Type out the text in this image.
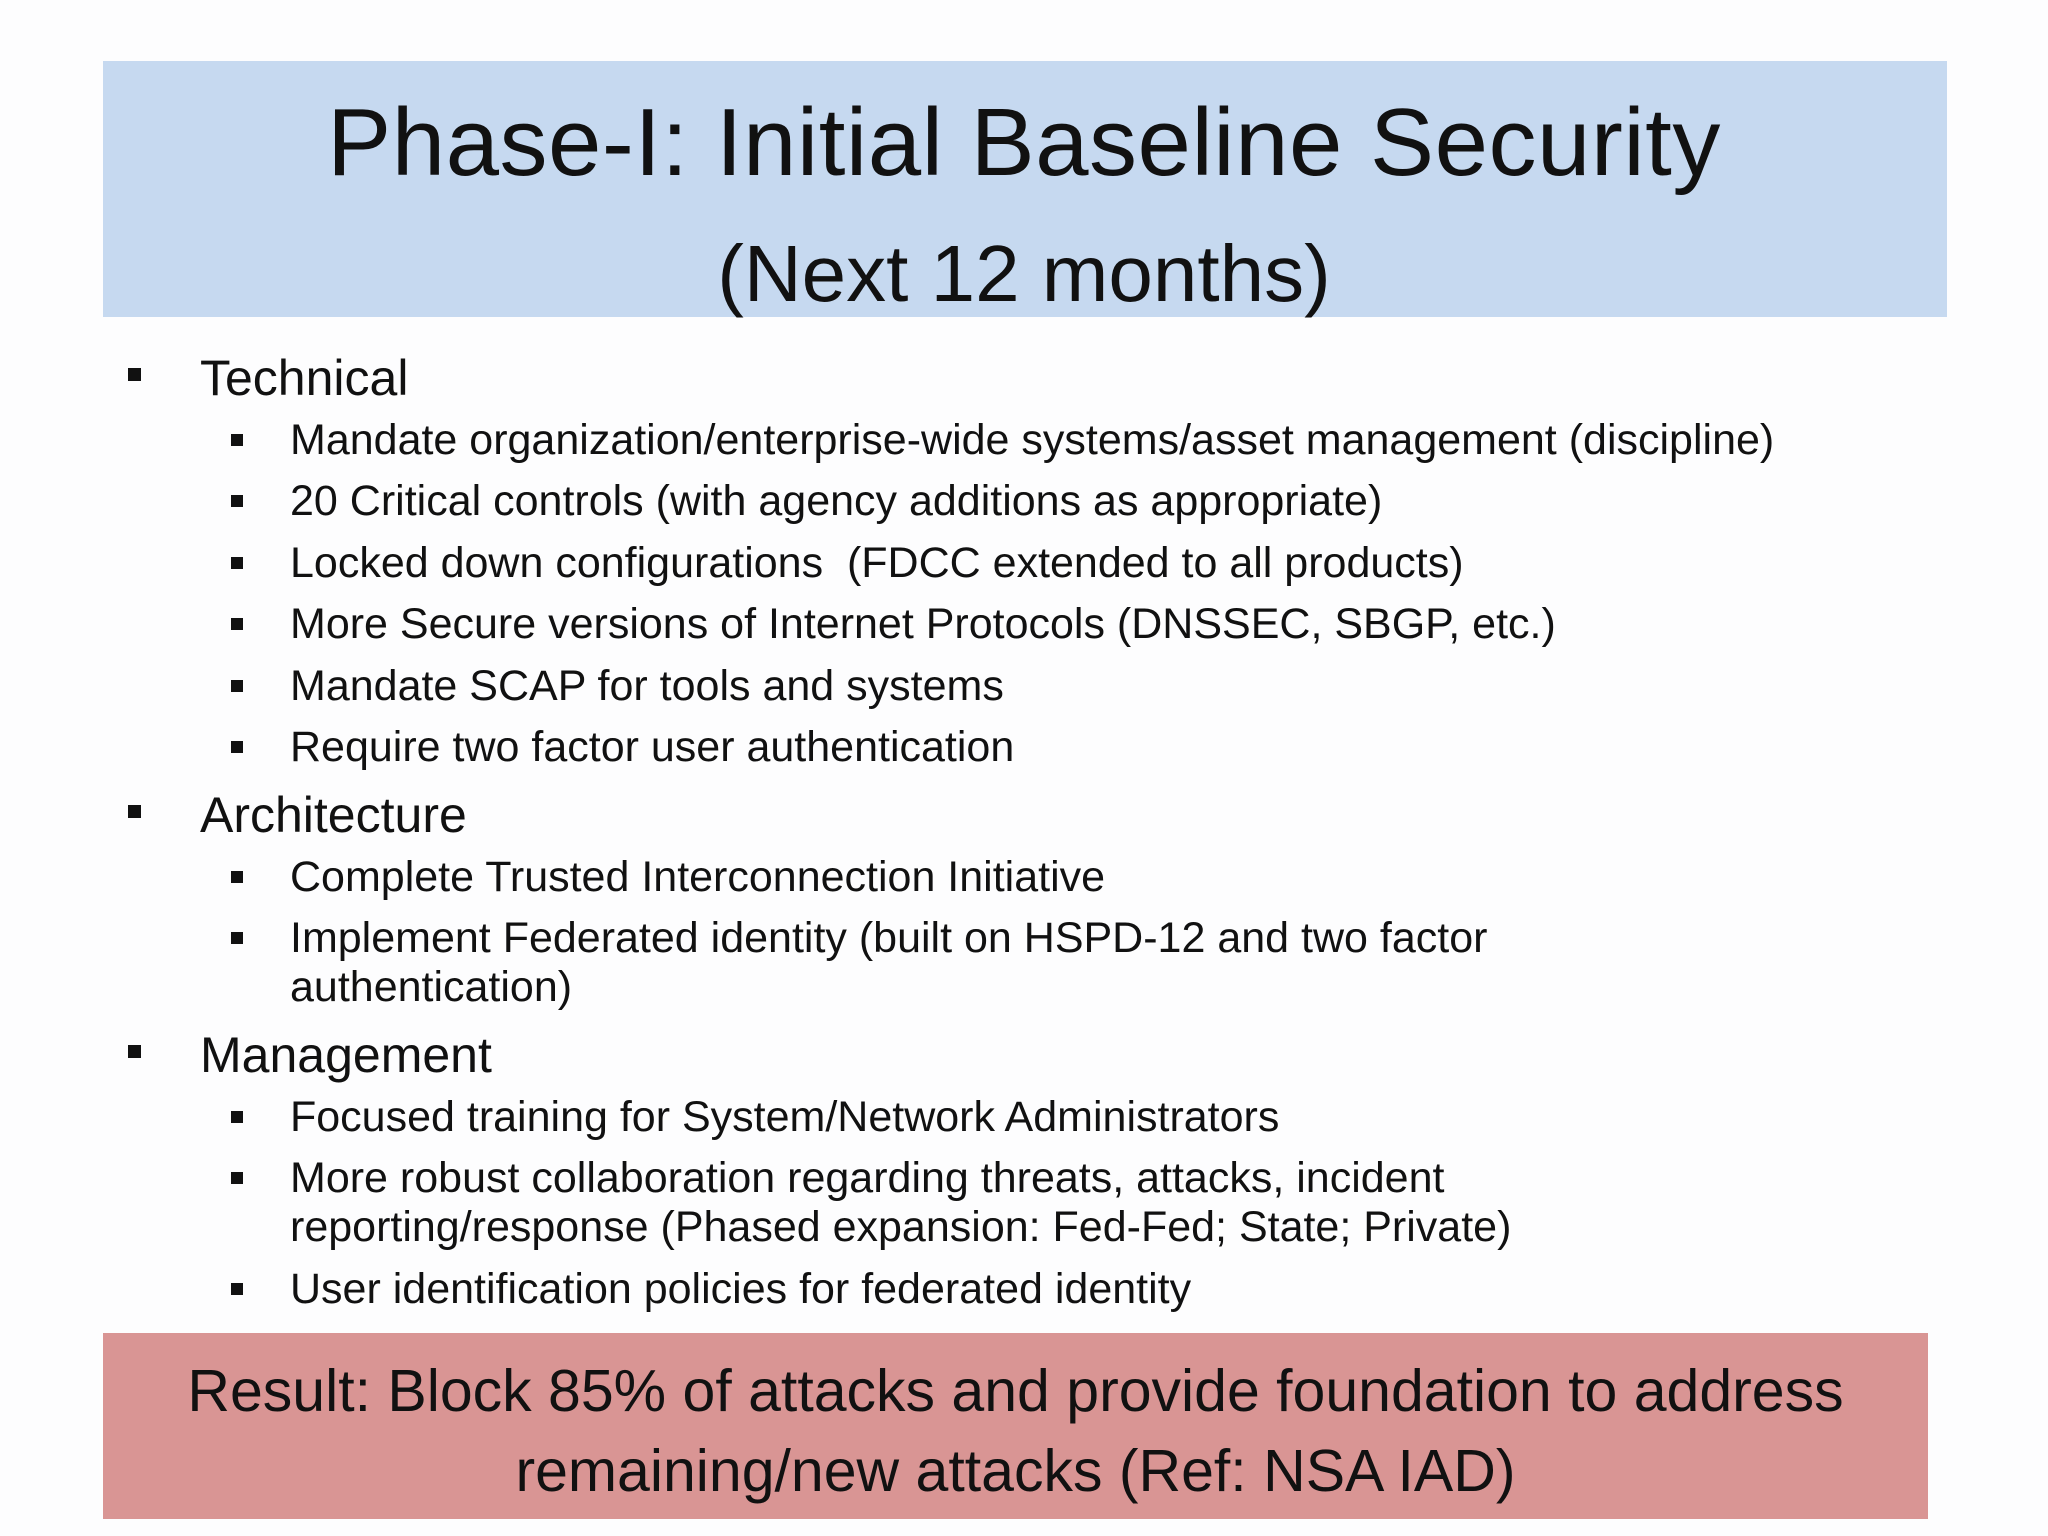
Phase-I: Initial Baseline Security
(Next 12 months)
Technical
Mandate organization/enterprise-wide systems/asset management (discipline)
20 Critical controls (with agency additions as appropriate)
Locked down configurations  (FDCC extended to all products)
More Secure versions of Internet Protocols (DNSSEC, SBGP, etc.)
Mandate SCAP for tools and systems
Require two factor user authentication
Architecture
Complete Trusted Interconnection Initiative
Implement Federated identity (built on HSPD-12 and two factor
authentication)
Management
Focused training for System/Network Administrators
More robust collaboration regarding threats, attacks, incident
reporting/response (Phased expansion: Fed-Fed; State; Private)
User identification policies for federated identity
Result: Block 85% of attacks and provide foundation to address
remaining/new attacks (Ref: NSA IAD)
